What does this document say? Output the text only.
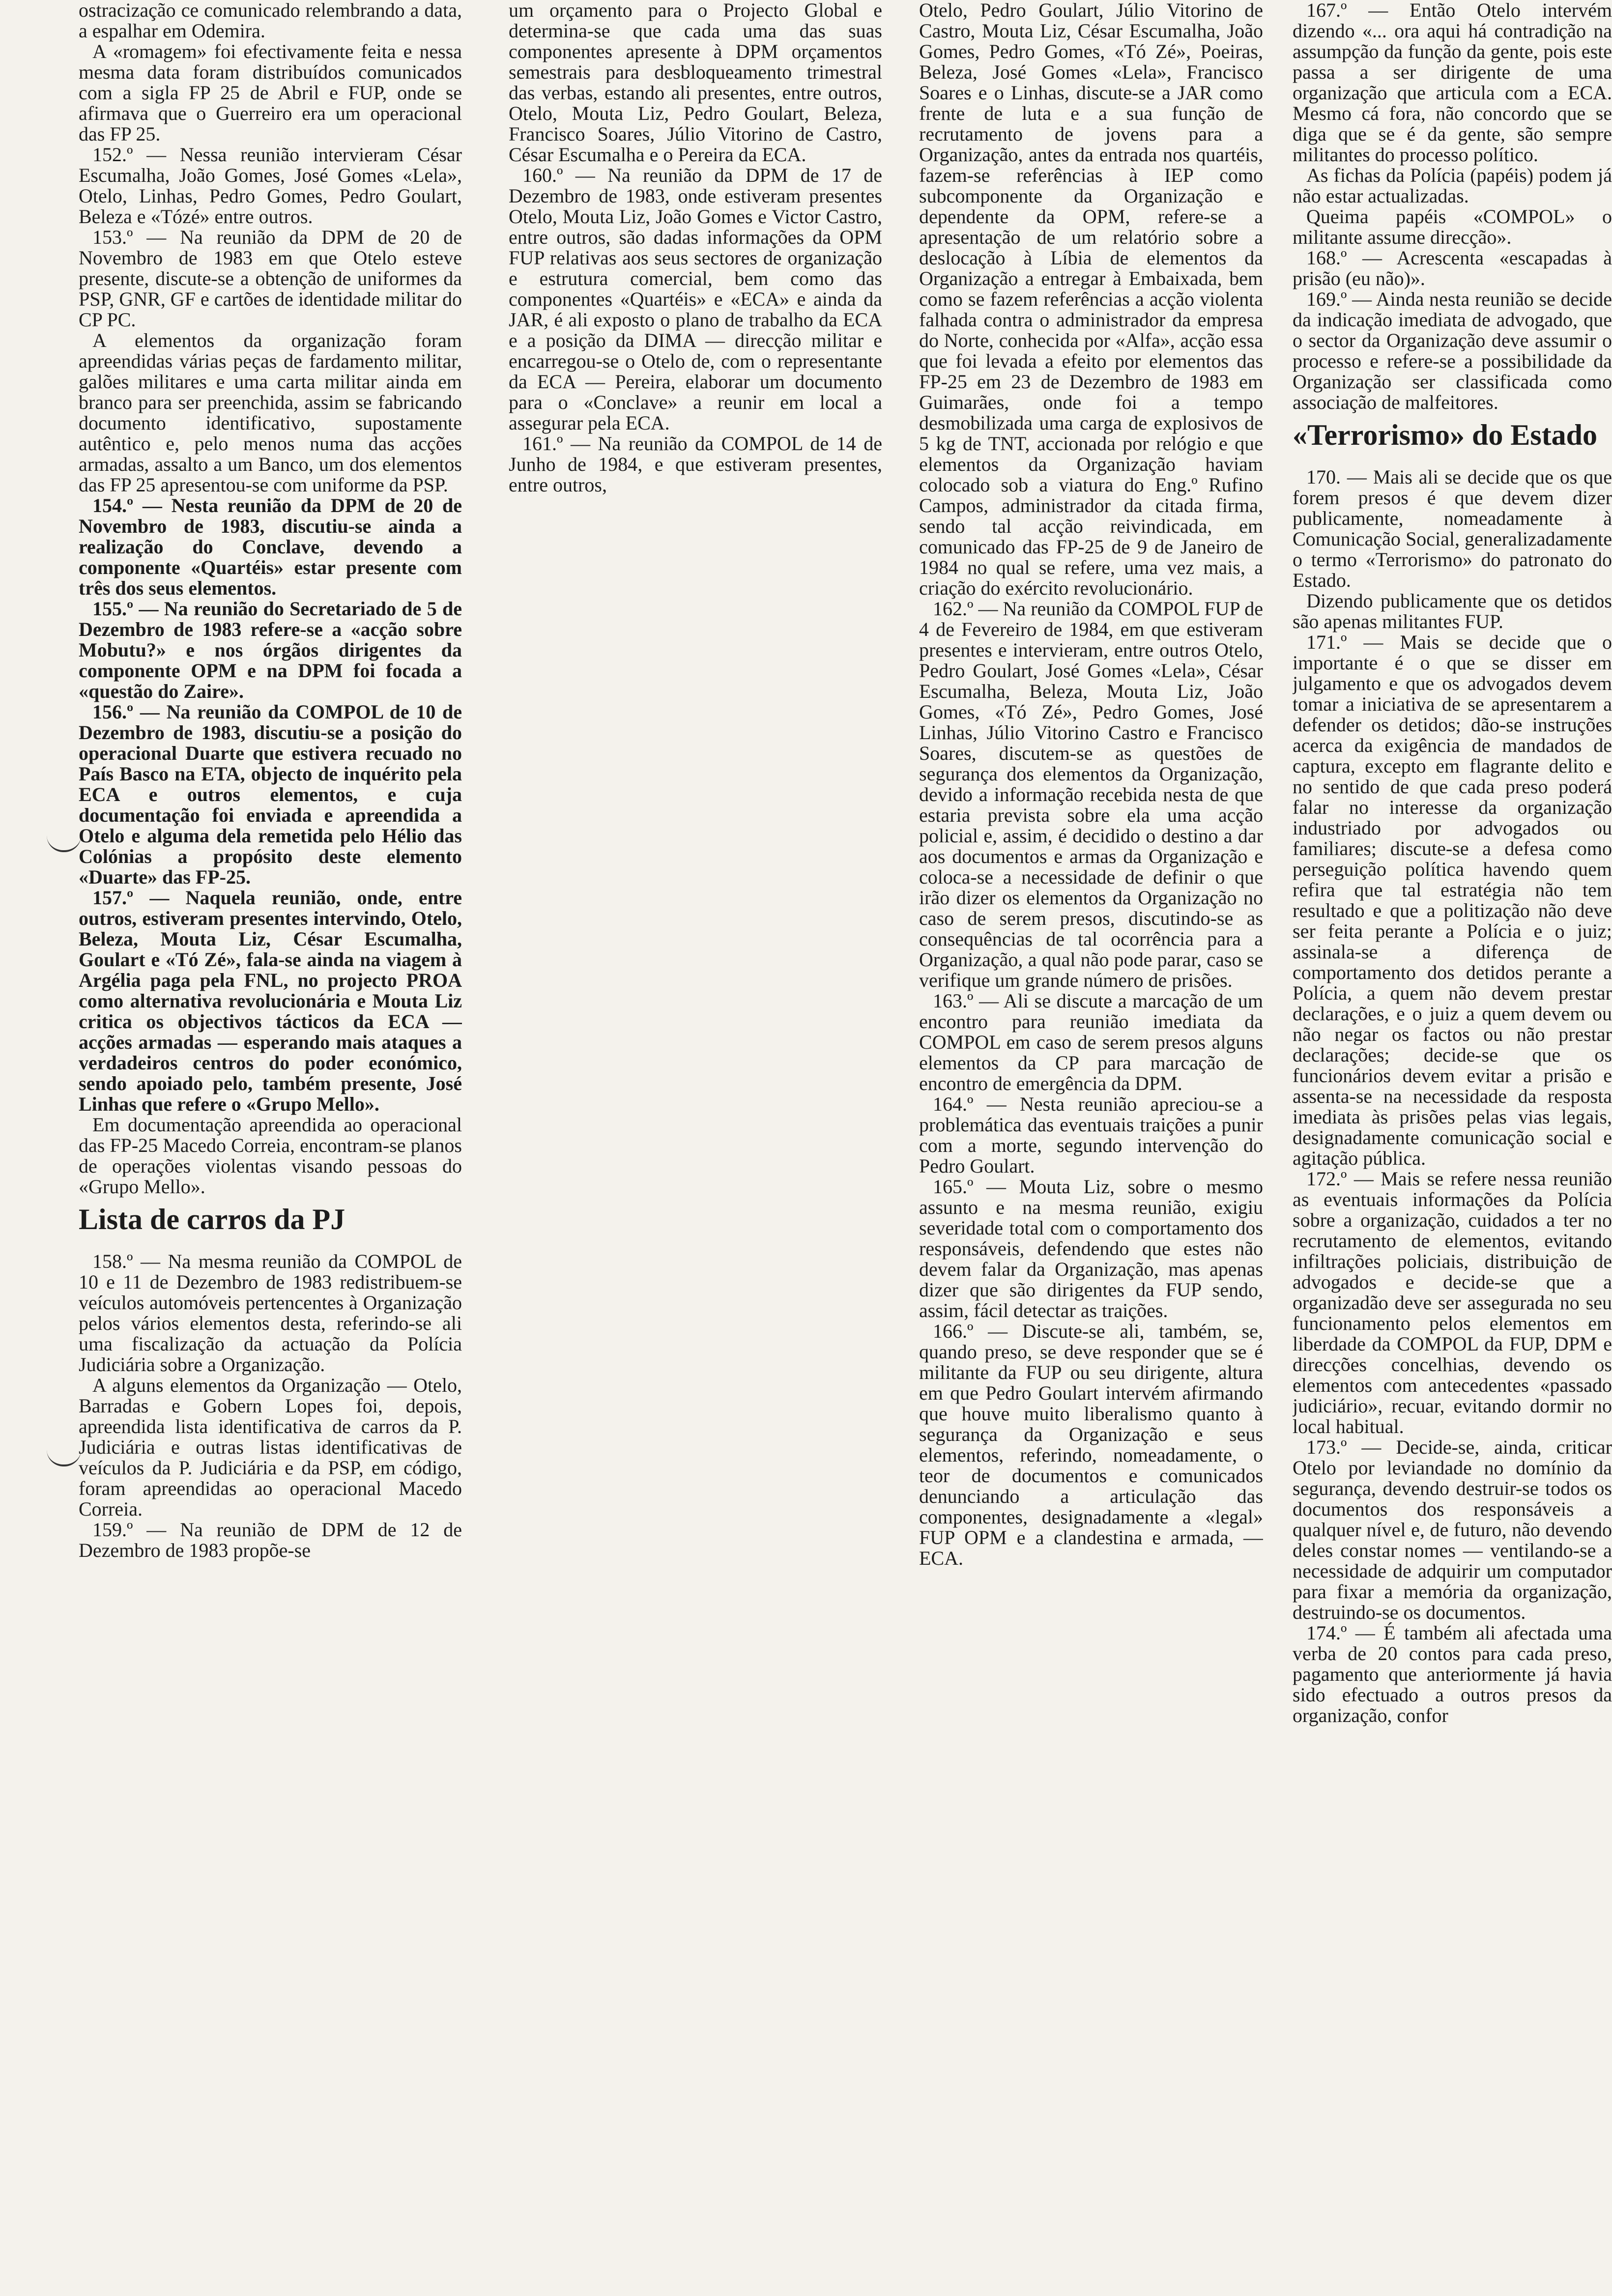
ostracização ce comunicado relembrando a data, a espalhar em Odemira.

A «romagem» foi efectivamente feita e nessa mesma data foram distribuídos comunicados com a sigla FP 25 de Abril e FUP, onde se afirmava que o Guerreiro era um operacional das FP 25.

152.º — Nessa reunião intervieram César Escumalha, João Gomes, José Gomes «Lela», Otelo, Linhas, Pedro Gomes, Pedro Goulart, Beleza e «Tózé» entre outros.

153.º — Na reunião da DPM de 20 de Novembro de 1983 em que Otelo esteve presente, discute-se a obtenção de uniformes da PSP, GNR, GF e cartões de identidade militar do CP PC.

A elementos da organização foram apreendidas várias peças de fardamento militar, galões militares e uma carta militar ainda em branco para ser preenchida, assim se fabricando documento identificativo, supostamente autêntico e, pelo menos numa das acções armadas, assalto a um Banco, um dos elementos das FP 25 apresentou-se com uniforme da PSP.

154.º — Nesta reunião da DPM de 20 de Novembro de 1983, discutiu-se ainda a realização do Conclave, devendo a componente «Quartéis» estar presente com três dos seus elementos.

155.º — Na reunião do Secretariado de 5 de Dezembro de 1983 refere-se a «acção sobre Mobutu?» e nos órgãos dirigentes da componente OPM e na DPM foi focada a «questão do Zaire».

156.º — Na reunião da COMPOL de 10 de Dezembro de 1983, discutiu-se a posição do operacional Duarte que estivera recuado no País Basco na ETA, objecto de inquérito pela ECA e outros elementos, e cuja documentação foi enviada e apreendida a Otelo e alguma dela remetida pelo Hélio das Colónias a propósito deste elemento «Duarte» das FP-25.

157.º — Naquela reunião, onde, entre outros, estiveram presentes intervindo, Otelo, Beleza, Mouta Liz, César Escumalha, Goulart e «Tó Zé», fala-se ainda na viagem à Argélia paga pela FNL, no projecto PROA como alternativa revolucionária e Mouta Liz critica os objectivos tácticos da ECA — acções armadas — esperando mais ataques a verdadeiros centros do poder económico, sendo apoiado pelo, também presente, José Linhas que refere o «Grupo Mello».

Em documentação apreendida ao operacional das FP-25 Macedo Correia, encontram-se planos de operações violentas visando pessoas do «Grupo Mello».

Lista de carros da PJ

158.º — Na mesma reunião da COMPOL de 10 e 11 de Dezembro de 1983 redistribuem-se veículos automóveis pertencentes à Organização pelos vários elementos desta, referindo-se ali uma fiscalização da actuação da Polícia Judiciária sobre a Organização.

A alguns elementos da Organização — Otelo, Barradas e Gobern Lopes foi, depois, apreendida lista identificativa de carros da P. Judiciária e outras listas identificativas de veículos da P. Judiciária e da PSP, em código, foram apreendidas ao operacional Macedo Correia.

159.º — Na reunião de DPM de 12 de Dezembro de 1983 propõe-se

um orçamento para o Projecto Global e determina-se que cada uma das suas componentes apresente à DPM orçamentos semestrais para desbloqueamento trimestral das verbas, estando ali presentes, entre outros, Otelo, Mouta Liz, Pedro Goulart, Beleza, Francisco Soares, Júlio Vitorino de Castro, César Escumalha e o Pereira da ECA.

160.º — Na reunião da DPM de 17 de Dezembro de 1983, onde estiveram presentes Otelo, Mouta Liz, João Gomes e Victor Castro, entre outros, são dadas informações da OPM FUP relativas aos seus sectores de organização e estrutura comercial, bem como das componentes «Quartéis» e «ECA» e ainda da JAR, é ali exposto o plano de trabalho da ECA e a posição da DIMA — direcção militar e encarregou-se o Otelo de, com o representante da ECA — Pereira, elaborar um documento para o «Conclave» a reunir em local a assegurar pela ECA.

161.º — Na reunião da COMPOL de 14 de Junho de 1984, e que estiveram presentes, entre outros,

Otelo, Pedro Goulart, Júlio Vitorino de Castro, Mouta Liz, César Escumalha, João Gomes, Pedro Gomes, «Tó Zé», Poeiras, Beleza, José Gomes «Lela», Francisco Soares e o Linhas, discute-se a JAR como frente de luta e a sua função de recrutamento de jovens para a Organização, antes da entrada nos quartéis, fazem-se referências à IEP como subcomponente da Organização e dependente da OPM, refere-se a apresentação de um relatório sobre a deslocação à Líbia de elementos da Organização a entregar à Embaixada, bem como se fazem referências a acção violenta falhada contra o administrador da empresa do Norte, conhecida por «Alfa», acção essa que foi levada a efeito por elementos das FP-25 em 23 de Dezembro de 1983 em Guimarães, onde foi a tempo desmobilizada uma carga de explosivos de 5 kg de TNT, accionada por relógio e que elementos da Organização haviam colocado sob a viatura do Eng.º Rufino Campos, administrador da citada firma, sendo tal acção reivindicada, em comunicado das FP-25 de 9 de Janeiro de 1984 no qual se refere, uma vez mais, a criação do exército revolucionário.

162.º — Na reunião da COMPOL FUP de 4 de Fevereiro de 1984, em que estiveram presentes e intervieram, entre outros Otelo, Pedro Goulart, José Gomes «Lela», César Escumalha, Beleza, Mouta Liz, João Gomes, «Tó Zé», Pedro Gomes, José Linhas, Júlio Vitorino Castro e Francisco Soares, discutem-se as questões de segurança dos elementos da Organização, devido a informação recebida nesta de que estaria prevista sobre ela uma acção policial e, assim, é decidido o destino a dar aos documentos e armas da Organização e coloca-se a necessidade de definir o que irão dizer os elementos da Organização no caso de serem presos, discutindo-se as consequências de tal ocorrência para a Organização, a qual não pode parar, caso se verifique um grande número de prisões.

163.º — Ali se discute a marcação de um encontro para reunião imediata da COMPOL em caso de serem presos alguns elementos da CP para marcação de encontro de emergência da DPM.

164.º — Nesta reunião apreciou-se a problemática das eventuais traições a punir com a morte, segundo intervenção do Pedro Goulart.

165.º — Mouta Liz, sobre o mesmo assunto e na mesma reunião, exigiu severidade total com o comportamento dos responsáveis, defendendo que estes não devem falar da Organização, mas apenas dizer que são dirigentes da FUP sendo, assim, fácil detectar as traições.

166.º — Discute-se ali, também, se, quando preso, se deve responder que se é militante da FUP ou seu dirigente, altura em que Pedro Goulart intervém afirmando que houve muito liberalismo quanto à segurança da Organização e seus elementos, referindo, nomeadamente, o teor de documentos e comunicados denunciando a articulação das componentes, designadamente a «legal» FUP OPM e a clandestina e armada, — ECA.

167.º — Então Otelo intervém dizendo «... ora aqui há contradição na assumpção da função da gente, pois este passa a ser dirigente de uma organização que articula com a ECA. Mesmo cá fora, não concordo que se diga que se é da gente, são sempre militantes do processo político.

As fichas da Polícia (papéis) podem já não estar actualizadas.

Queima papéis «COMPOL» o militante assume direcção».

168.º — Acrescenta «escapadas à prisão (eu não)».

169.º — Ainda nesta reunião se decide da indicação imediata de advogado, que o sector da Organização deve assumir o processo e refere-se a possibilidade da Organização ser classificada como associação de malfeitores.

«Terrorismo» do Estado

170. — Mais ali se decide que os que forem presos é que devem dizer publicamente, nomeadamente à Comunicação Social, generalizadamente o termo «Terrorismo» do patronato do Estado.

Dizendo publicamente que os detidos são apenas militantes FUP.

171.º — Mais se decide que o importante é o que se disser em julgamento e que os advogados devem tomar a iniciativa de se apresentarem a defender os detidos; dão-se instruções acerca da exigência de mandados de captura, excepto em flagrante delito e no sentido de que cada preso poderá falar no interesse da organização industriado por advogados ou familiares; discute-se a defesa como perseguição política havendo quem refira que tal estratégia não tem resultado e que a politização não deve ser feita perante a Polícia e o juiz; assinala-se a diferença de comportamento dos detidos perante a Polícia, a quem não devem prestar declarações, e o juiz a quem devem ou não negar os factos ou não prestar declarações; decide-se que os funcionários devem evitar a prisão e assenta-se na necessidade da resposta imediata às prisões pelas vias legais, designadamente comunicação social e agitação pública.

172.º — Mais se refere nessa reunião as eventuais informações da Polícia sobre a organização, cuidados a ter no recrutamento de elementos, evitando infiltrações policiais, distribuição de advogados e decide-se que a organizadão deve ser assegurada no seu funcionamento pelos elementos em liberdade da COMPOL da FUP, DPM e direcções concelhias, devendo os elementos com antecedentes «passado judiciário», recuar, evitando dormir no local habitual.

173.º — Decide-se, ainda, criticar Otelo por leviandade no domínio da segurança, devendo destruir-se todos os documentos dos responsáveis a qualquer nível e, de futuro, não devendo deles constar nomes — ventilando-se a necessidade de adquirir um computador para fixar a memória da organização, destruindo-se os documentos.

174.º — É também ali afectada uma verba de 20 contos para cada preso, pagamento que anteriormente já havia sido efectuado a outros presos da organização, confor
